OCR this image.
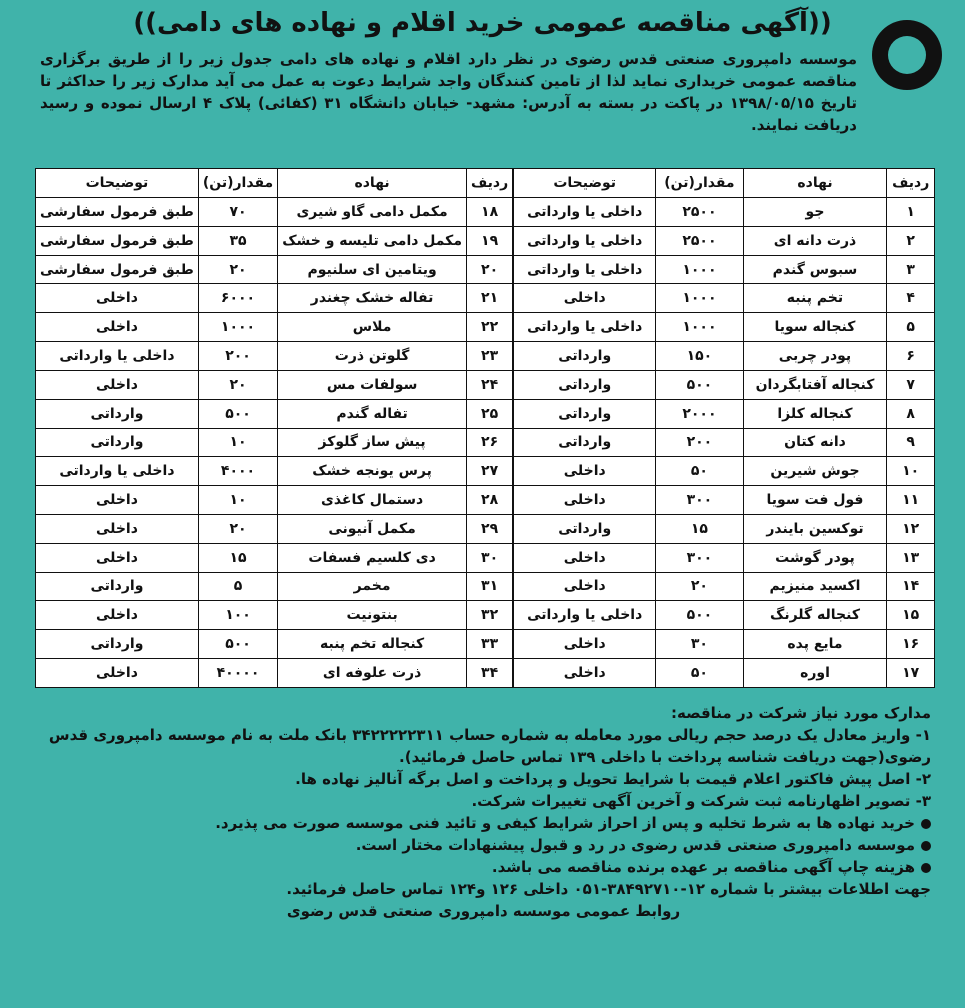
((آگهی مناقصه عمومی خرید اقلام و نهاده های دامی))
موسسه دامپروری صنعتی قدس رضوی در نظر دارد اقلام و نهاده های دامی جدول زیر را از طریق برگزاری مناقصه عمومی خریداری نماید لذا از تامین کنندگان واجد شرایط دعوت به عمل می آید مدارک زیر را حداکثر تا تاریخ ۱۳۹۸/۰۵/۱۵ در پاکت در بسته به آدرس: مشهد- خیابان دانشگاه ۳۱ (کفائی) پلاک ۴ ارسال نموده و رسید دریافت نمایند.
ردیف	نهاده	مقدار(تن)	توضیحات
۱	جو	۲۵۰۰	داخلی یا وارداتی
۲	ذرت دانه ای	۲۵۰۰	داخلی یا وارداتی
۳	سبوس گندم	۱۰۰۰	داخلی یا وارداتی
۴	تخم پنبه	۱۰۰۰	داخلی
۵	کنجاله سویا	۱۰۰۰	داخلی یا وارداتی
۶	پودر چربی	۱۵۰	وارداتی
۷	کنجاله آفتابگردان	۵۰۰	وارداتی
۸	کنجاله کلزا	۲۰۰۰	وارداتی
۹	دانه کتان	۲۰۰	وارداتی
۱۰	جوش شیرین	۵۰	داخلی
۱۱	فول فت سویا	۳۰۰	داخلی
۱۲	توکسین بایندر	۱۵	وارداتی
۱۳	پودر گوشت	۳۰۰	داخلی
۱۴	اکسید منیزیم	۲۰	داخلی
۱۵	کنجاله گلرنگ	۵۰۰	داخلی یا وارداتی
۱۶	مایع پده	۳۰	داخلی
۱۷	اوره	۵۰	داخلی
ردیف	نهاده	مقدار(تن)	توضیحات
۱۸	مکمل دامی گاو شیری	۷۰	طبق فرمول سفارشی
۱۹	مکمل دامی تلیسه و خشک	۳۵	طبق فرمول سفارشی
۲۰	ویتامین ای سلنیوم	۲۰	طبق فرمول سفارشی
۲۱	تفاله خشک چغندر	۶۰۰۰	داخلی
۲۲	ملاس	۱۰۰۰	داخلی
۲۳	گلوتن ذرت	۲۰۰	داخلی یا وارداتی
۲۴	سولفات مس	۲۰	داخلی
۲۵	تفاله گندم	۵۰۰	وارداتی
۲۶	پیش ساز گلوکز	۱۰	وارداتی
۲۷	پرس یونجه خشک	۴۰۰۰	داخلی یا وارداتی
۲۸	دستمال کاغذی	۱۰	داخلی
۲۹	مکمل آنیونی	۲۰	داخلی
۳۰	دی کلسیم فسفات	۱۵	داخلی
۳۱	مخمر	۵	وارداتی
۳۲	بنتونیت	۱۰۰	داخلی
۳۳	کنجاله تخم پنبه	۵۰۰	وارداتی
۳۴	ذرت علوفه ای	۴۰۰۰۰	داخلی

مدارک مورد نیاز شرکت در مناقصه:

۱- واریز معادل یک درصد حجم ریالی مورد معامله به شماره حساب ۳۴۲۲۲۲۲۳۱۱ بانک ملت به نام موسسه دامپروری قدس رضوی(جهت دریافت شناسه پرداخت با داخلی ۱۳۹ تماس حاصل فرمائید).

۲- اصل پیش فاکتور اعلام قیمت با شرایط تحویل و پرداخت و اصل برگه آنالیز نهاده ها.

۳- تصویر اظهارنامه ثبت شرکت و آخرین آگهی تغییرات شرکت.

خرید نهاده ها به شرط تخلیه و پس از احراز شرایط کیفی و تائید فنی موسسه صورت می پذیرد.

موسسه دامپروری صنعتی قدس رضوی در رد و قبول پیشنهادات مختار است.

هزینه چاپ آگهی مناقصه بر عهده برنده مناقصه می باشد.

جهت اطلاعات بیشتر با شماره ۱۲-۳۸۴۹۲۷۱۰-۰۵۱ داخلی ۱۲۶ و۱۲۴ تماس حاصل فرمائید.

روابط عمومی موسسه دامپروری صنعتی قدس رضوی
